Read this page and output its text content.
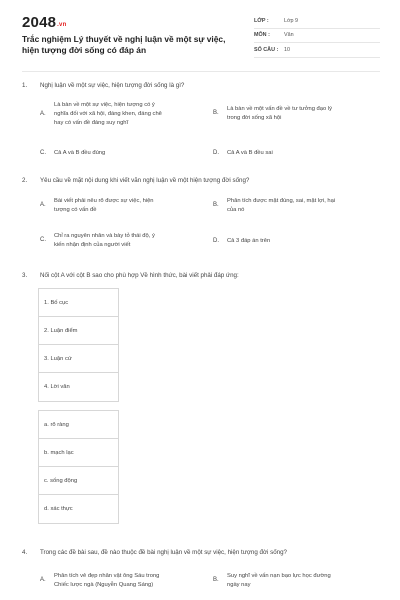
2048.vn
Trắc nghiệm Lý thuyết về nghị luận về một sự việc, hiện tượng đời sống có đáp án
LỚP :	Lớp 9
MÔN :	Văn
SỐ CÂU :	10
1. Nghị luận về một sự việc, hiện tượng đời sống là gì?
A.
Là bàn về một sự việc, hiện tượng có ý
nghĩa đối với xã hội, đáng khen, đáng chê
hay có vấn đề đáng suy nghĩ
B.
Là bàn về một vấn đề về tư tưởng đạo lý
trong đời sống xã hội
C. Cả A và B đều đúng	D. Cả A và B đều sai
2. Yêu cầu về mặt nội dung khi viết văn nghị luận về một hiện tượng đời sống?
A.
Bài viết phải nêu rõ được sự việc, hiện
tượng có vấn đề
B.
Phân tích được mặt đúng, sai, mặt lợi, hại
của nó
C.
Chỉ ra nguyên nhân và bày tỏ thái độ, ý
kiến nhận định của người viết
D. Cả 3 đáp án trên
3. Nối cột A với cột B sao cho phù hợp Về hình thức, bài viết phải đáp ứng:
1. Bố cục
2. Luận điểm
3. Luận cứ
4. Lời văn
a. rõ ràng
b. mạch lạc
c. sống động
d. xác thực
4. Trong các đề bài sau, đề nào thuộc đề bài nghị luận về một sự việc, hiện tượng đời sống?
A.
Phân tích vẻ đẹp nhân vật ông Sáu trong
Chiếc lược ngà (Nguyễn Quang Sáng)
B.
Suy nghĩ về vấn nạn bạo lực học đường
ngày nay
